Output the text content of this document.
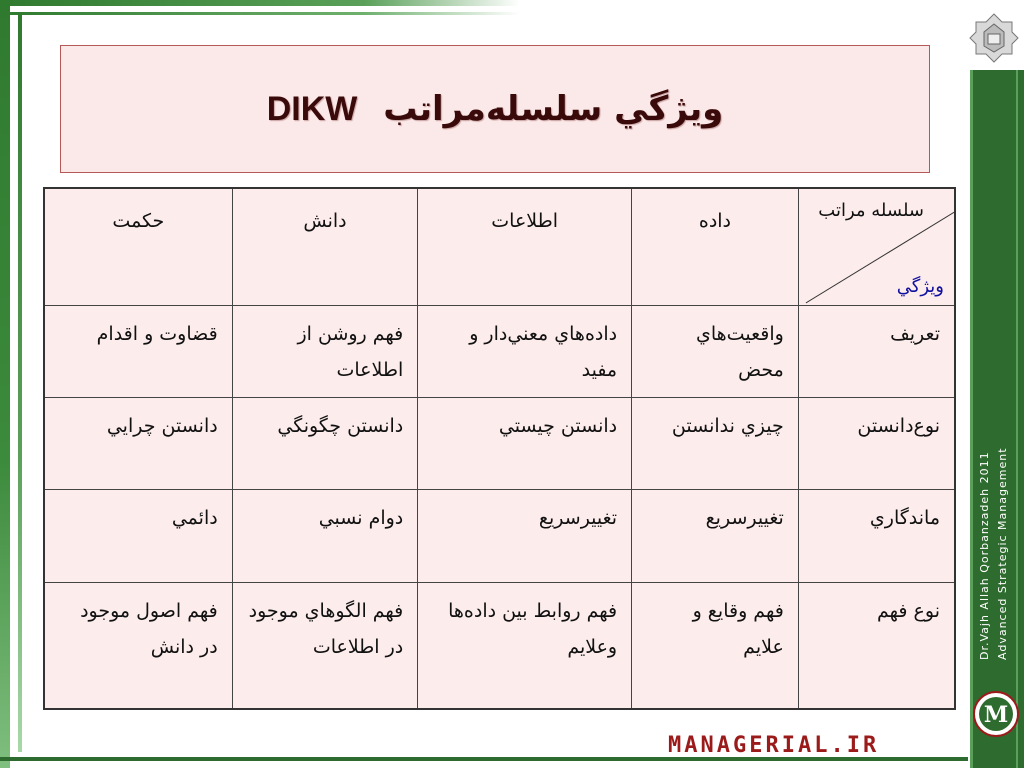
Dr.Vajh Allah Qorbanzadeh 2011 Advanced Strategic Management
M
MANAGERIAL.IR
ويژگي سلسله‌مراتب DIKW
سلسله مراتب
ويژگي	داده	اطلاعات	دانش	حکمت
تعريف	واقعيت‌هاي محض	داده‌هاي معني‌دار و مفيد	فهم روشن از اطلاعات	قضاوت و اقدام
نوع‌دانستن	چيزي ندانستن	دانستن چيستي	دانستن چگونگي	دانستن چرايي
ماندگاري	تغييرسريع	تغييرسريع	دوام نسبي	دائمي
نوع فهم	فهم وقايع و علايم	فهم روابط بين داده‌ها وعلايم	فهم الگوهاي موجود در اطلاعات	فهم اصول موجود در دانش
